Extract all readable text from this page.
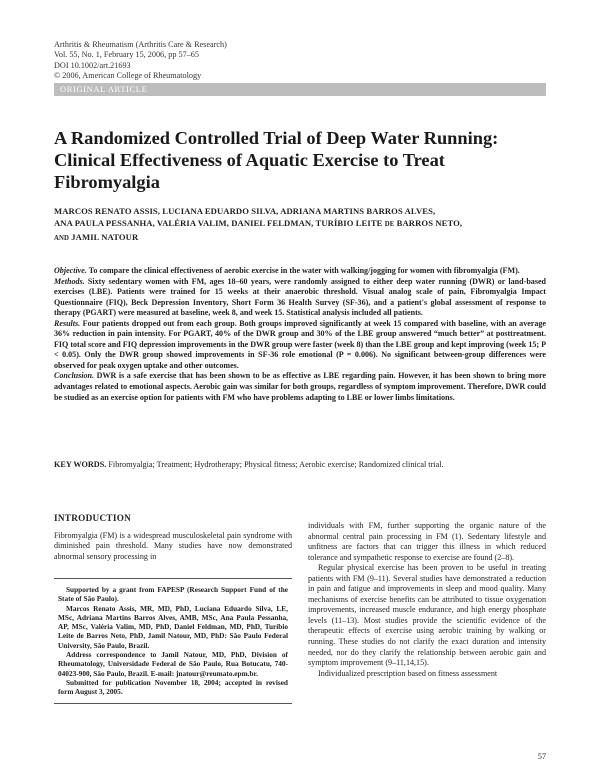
Arthritis & Rheumatism (Arthritis Care & Research)
Vol. 55, No. 1, February 15, 2006, pp 57–65
DOI 10.1002/art.21693
© 2006, American College of Rheumatology
ORIGINAL ARTICLE
A Randomized Controlled Trial of Deep Water Running: Clinical Effectiveness of Aquatic Exercise to Treat Fibromyalgia
MARCOS RENATO ASSIS, LUCIANA EDUARDO SILVA, ADRIANA MARTINS BARROS ALVES,
ANA PAULA PESSANHA, VALÉRIA VALIM, DANIEL FELDMAN, TURÍBIO LEITE DE BARROS NETO,
AND JAMIL NATOUR

Objective. To compare the clinical effectiveness of aerobic exercise in the water with walking/jogging for women with fibromyalgia (FM).

Methods. Sixty sedentary women with FM, ages 18–60 years, were randomly assigned to either deep water running (DWR) or land-based exercises (LBE). Patients were trained for 15 weeks at their anaerobic threshold. Visual analog scale of pain, Fibromyalgia Impact Questionnaire (FIQ), Beck Depression Inventory, Short Form 36 Health Survey (SF-36), and a patient's global assessment of response to therapy (PGART) were measured at baseline, week 8, and week 15. Statistical analysis included all patients.

Results. Four patients dropped out from each group. Both groups improved significantly at week 15 compared with baseline, with an average 36% reduction in pain intensity. For PGART, 40% of the DWR group and 30% of the LBE group answered “much better” at posttreatment. FIQ total score and FIQ depression improvements in the DWR group were faster (week 8) than the LBE group and kept improving (week 15; P < 0.05). Only the DWR group showed improvements in SF-36 role emotional (P = 0.006). No significant between-group differences were observed for peak oxygen uptake and other outcomes.

Conclusion. DWR is a safe exercise that has been shown to be as effective as LBE regarding pain. However, it has been shown to bring more advantages related to emotional aspects. Aerobic gain was similar for both groups, regardless of symptom improvement. Therefore, DWR could be studied as an exercise option for patients with FM who have problems adapting to LBE or lower limbs limitations.

KEY WORDS. Fibromyalgia; Treatment; Hydrotherapy; Physical fitness; Aerobic exercise; Randomized clinical trial.
INTRODUCTION

Fibromyalgia (FM) is a widespread musculoskeletal pain syndrome with diminished pain threshold. Many studies have now demonstrated abnormal sensory processing in

Supported by a grant from FAPESP (Research Support Fund of the State of São Paulo).

Marcos Renato Assis, MR, MD, PhD, Luciana Eduardo Silva, LE, MSc, Adriana Martins Barros Alves, AMB, MSc, Ana Paula Pessanha, AP, MSc, Valéria Valim, MD, PhD, Daniel Feldman, MD, PhD, Turíbio Leite de Barros Neto, PhD, Jamil Natour, MD, PhD: São Paulo Federal University, São Paulo, Brazil.

Address correspondence to Jamil Natour, MD, PhD, Division of Rheumatology, Universidade Federal de São Paulo, Rua Botucatu, 740-04023-900, São Paulo, Brazil. E-mail: jnatour@reumato.epm.br.

Submitted for publication November 18, 2004; accepted in revised form August 3, 2005.

individuals with FM, further supporting the organic nature of the abnormal central pain processing in FM (1). Sedentary lifestyle and unfitness are factors that can trigger this illness in which reduced tolerance and sympathetic response to exercise are found (2–8).

Regular physical exercise has been proven to be useful in treating patients with FM (9–11). Several studies have demonstrated a reduction in pain and fatigue and improvements in sleep and mood quality. Many mechanisms of exercise benefits can be attributed to tissue oxygenation improvements, increased muscle endurance, and high energy phosphate levels (11–13). Most studies provide the scientific evidence of the therapeutic effects of exercise using aerobic training by walking or running. These studies do not clarify the exact duration and intensity needed, nor do they clarify the relationship between aerobic gain and symptom improvement (9–11,14,15).

Individualized prescription based on fitness assessment

57
